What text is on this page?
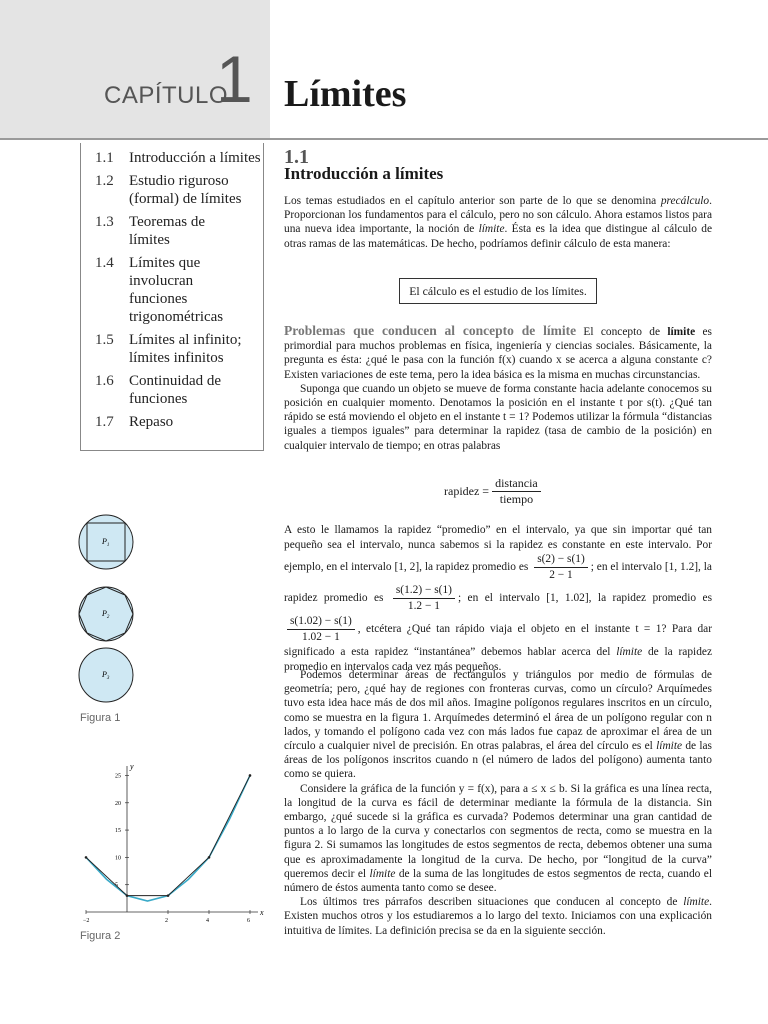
CAPÍTULO
1 Límites
1.1	Introducción a límites
1.2	Estudio riguroso (formal) de límites
1.3	Teoremas de límites
1.4	Límites que involucran funciones trigonométricas
1.5	Límites al infinito; límites infinitos
1.6	Continuidad de funciones
1.7	Repaso
1.1
Introducción a límites

Los temas estudiados en el capítulo anterior son parte de lo que se denomina precálculo. Proporcionan los fundamentos para el cálculo, pero no son cálculo. Ahora estamos listos para una nueva idea importante, la noción de límite. Ésta es la idea que distingue al cálculo de otras ramas de las matemáticas. De hecho, podríamos definir cálculo de esta manera:

El cálculo es el estudio de los límites.

Problemas que conducen al concepto de límite El concepto de límite es primordial para muchos problemas en física, ingeniería y ciencias sociales. Básicamente, la pregunta es ésta: ¿qué le pasa con la función f(x) cuando x se acerca a alguna constante c? Existen variaciones de este tema, pero la idea básica es la misma en muchas circunstancias.

Suponga que cuando un objeto se mueve de forma constante hacia adelante conocemos su posición en cualquier momento. Denotamos la posición en el instante t por s(t). ¿Qué tan rápido se está moviendo el objeto en el instante t = 1? Podemos utilizar la fórmula “distancias iguales a tiempos iguales” para determinar la rapidez (tasa de cambio de la posición) en cualquier intervalo de tiempo; en otras palabras

rapidez = $\frac{\text{distancia}}{\text{tiempo}}$

A esto le llamamos la rapidez “promedio” en el intervalo, ya que sin importar qué tan pequeño sea el intervalo, nunca sabemos si la rapidez es constante en este intervalo. Por ejemplo, en el intervalo [1, 2], la rapidez promedio es $\frac{s(2) - s(1)}{2 - 1}$ ; en el intervalo [1, 1.2], la rapidez promedio es $\frac{s(1.2) - s(1)}{1.2 - 1}$ ; en el intervalo [1, 1.02], la rapidez promedio es
$\frac{s(1.02) - s(1)}{1.02 - 1}$ , etcétera ¿Qué tan rápido viaja el objeto en el instante t = 1? Para dar significado a esta rapidez “instantánea” debemos hablar acerca del límite de la rapidez promedio en intervalos cada vez más pequeños.

Podemos determinar áreas de rectángulos y triángulos por medio de fórmulas de geometría; pero, ¿qué hay de regiones con fronteras curvas, como un círculo? Arquímedes tuvo esta idea hace más de dos mil años. Imagine polígonos regulares inscritos en un círculo, como se muestra en la figura 1. Arquímedes determinó el área de un polígono regular con n lados, y tomando el polígono cada vez con más lados fue capaz de aproximar el área de un círculo a cualquier nivel de precisión. En otras palabras, el área del círculo es el límite de las áreas de los polígonos inscritos cuando n (el número de lados del polígono) aumenta tanto como se quiera.

Considere la gráfica de la función y = f(x), para a ≤ x ≤ b. Si la gráfica es una línea recta, la longitud de la curva es fácil de determinar mediante la fórmula de la distancia. Sin embargo, ¿qué sucede si la gráfica es curvada? Podemos determinar una gran cantidad de puntos a lo largo de la curva y conectarlos con segmentos de recta, como se muestra en la figura 2. Si sumamos las longitudes de estos segmentos de recta, debemos obtener una suma que es aproximadamente la longitud de la curva. De hecho, por “longitud de la curva” queremos decir el límite de la suma de las longitudes de estos segmentos de recta, cuando el número de éstos aumenta tanto como se desee.

Los últimos tres párrafos describen situaciones que conducen al concepto de límite. Existen muchos otros y los estudiaremos a lo largo del texto. Iniciamos con una explicación intuitiva de límites. La definición precisa se da en la siguiente sección.

$P_1$
$P_2$
$P_3$
Figura 1
x
y
−2	2	4	6
5
10
15
20
25
Figura 2
